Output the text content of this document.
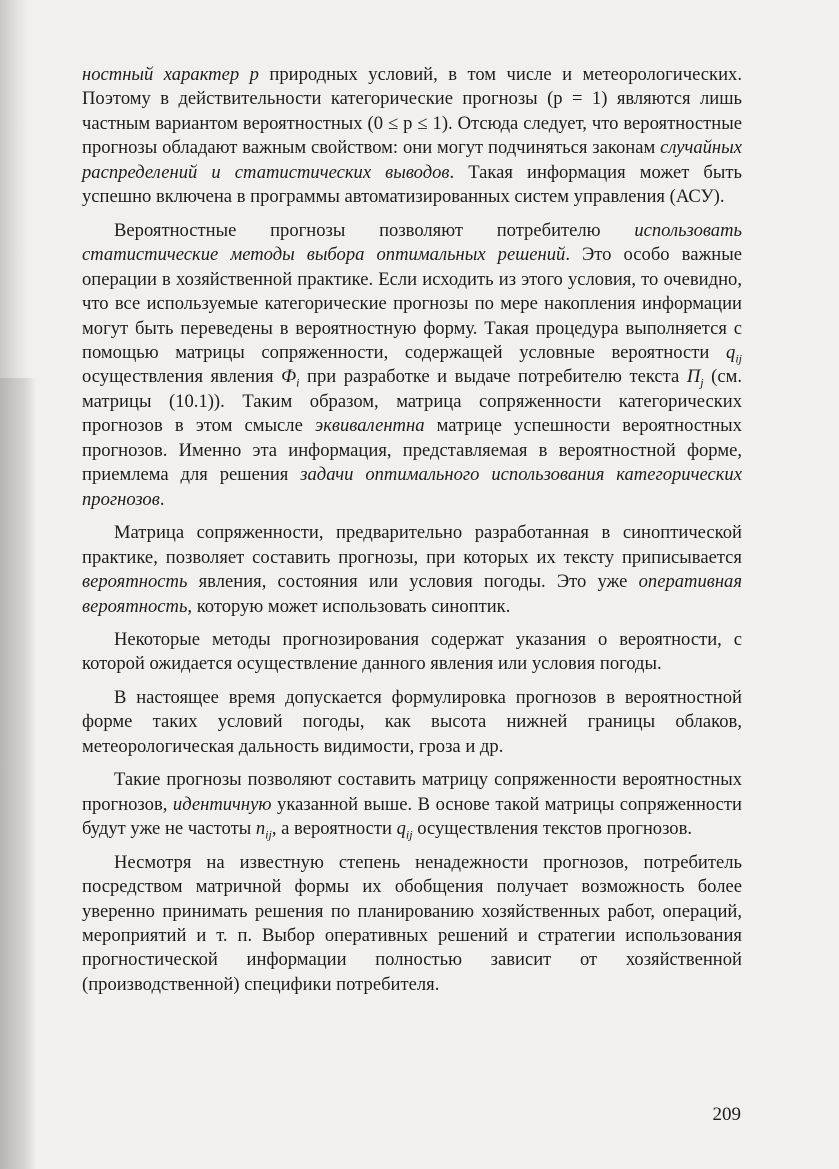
ностный характер p природных условий, в том числе и метеорологических. Поэтому в действительности категорические прогнозы (p = 1) являются лишь частным вариантом вероятностных (0 ≤ p ≤ 1). Отсюда следует, что вероятностные прогнозы обладают важным свойством: они могут подчиняться законам случайных распределений и статистических выводов. Такая информация может быть успешно включена в программы автоматизированных систем управления (АСУ).

Вероятностные прогнозы позволяют потребителю использовать статистические методы выбора оптимальных решений. Это особо важные операции в хозяйственной практике. Если исходить из этого условия, то очевидно, что все используемые категорические прогнозы по мере накопления информации могут быть переведены в вероятностную форму. Такая процедура выполняется с помощью матрицы сопряженности, содержащей условные вероятности $q_{ij}$ осуществления явления $Ф_i$ при разработке и выдаче потребителю текста $П_j$ (см. матрицы (10.1)). Таким образом, матрица сопряженности категорических прогнозов в этом смысле эквивалентна матрице успешности вероятностных прогнозов. Именно эта информация, представляемая в вероятностной форме, приемлема для решения задачи оптимального использования категорических прогнозов.

Матрица сопряженности, предварительно разработанная в синоптической практике, позволяет составить прогнозы, при которых их тексту приписывается вероятность явления, состояния или условия погоды. Это уже оперативная вероятность, которую может использовать синоптик.

Некоторые методы прогнозирования содержат указания о вероятности, с которой ожидается осуществление данного явления или условия погоды.

В настоящее время допускается формулировка прогнозов в вероятностной форме таких условий погоды, как высота нижней границы облаков, метеорологическая дальность видимости, гроза и др.

Такие прогнозы позволяют составить матрицу сопряженности вероятностных прогнозов, идентичную указанной выше. В основе такой матрицы сопряженности будут уже не частоты $n_{ij}$, а вероятности $q_{ij}$ осуществления текстов прогнозов.

Несмотря на известную степень ненадежности прогнозов, потребитель посредством матричной формы их обобщения получает возможность более уверенно принимать решения по планированию хозяйственных работ, операций, мероприятий и т. п. Выбор оперативных решений и стратегии использования прогностической информации полностью зависит от хозяйственной (производственной) специфики потребителя.

209
